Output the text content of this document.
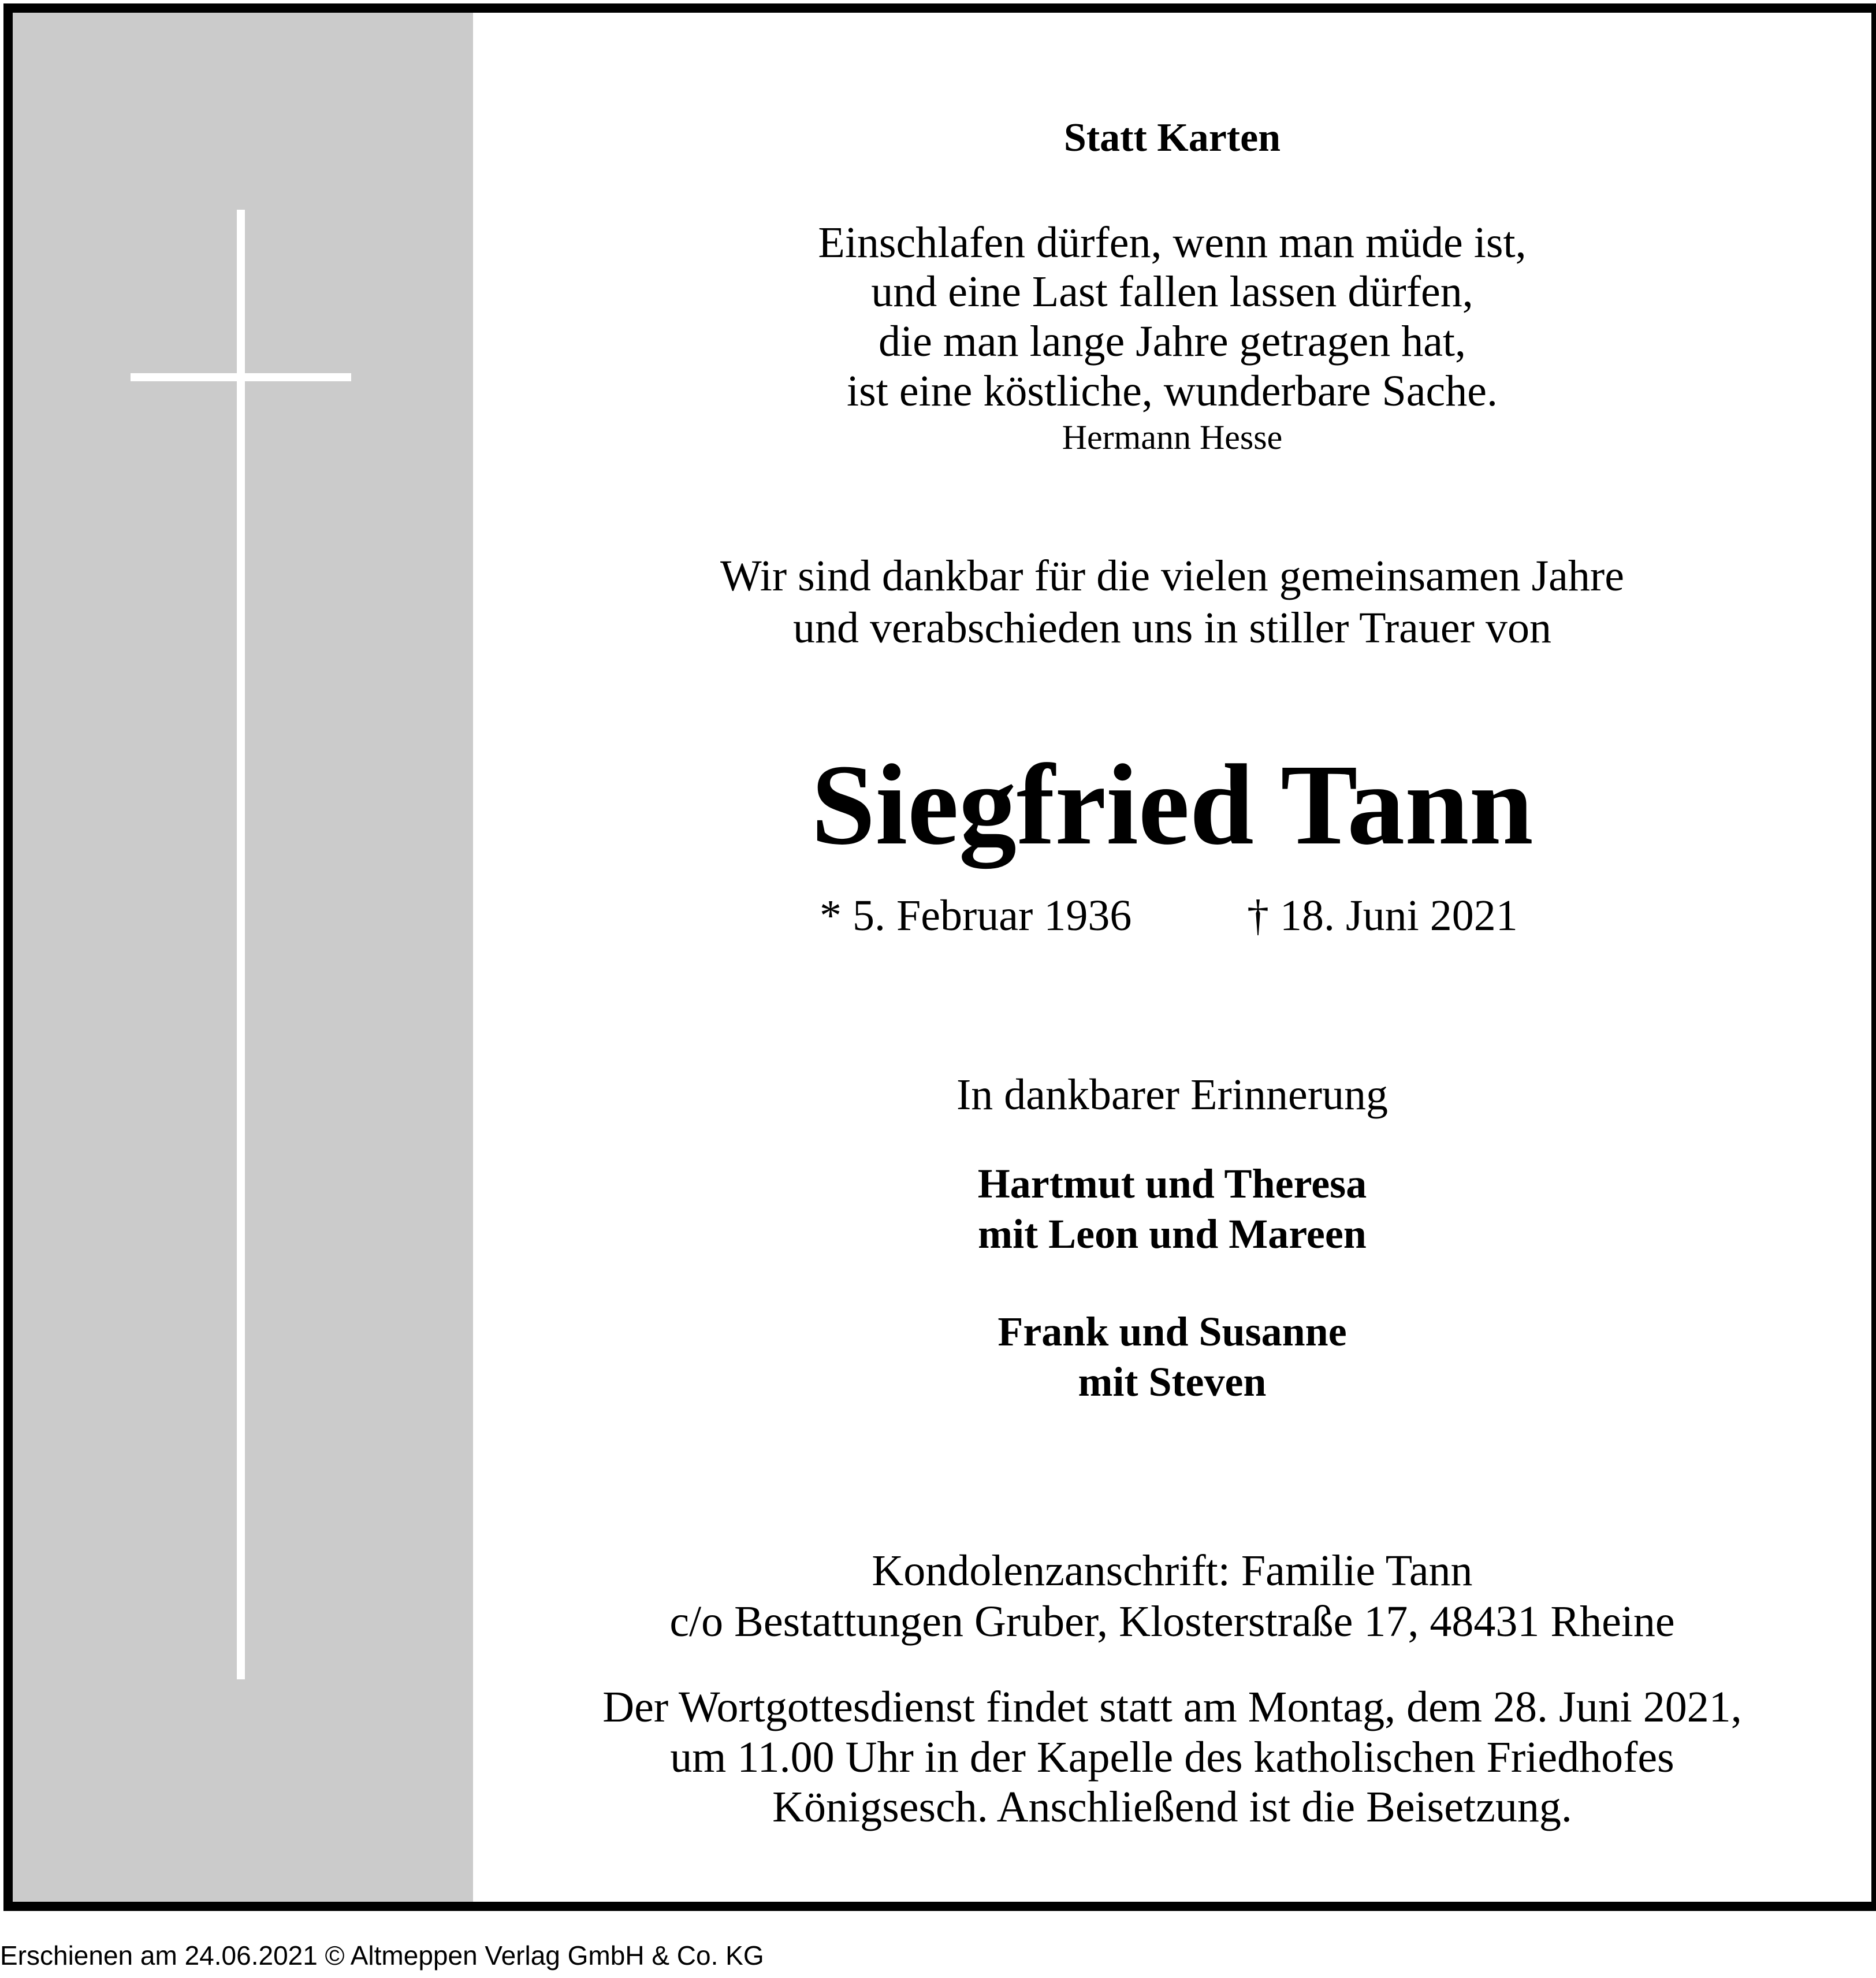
Statt Karten
Einschlafen dürfen, wenn man müde ist,
und eine Last fallen lassen dürfen,
die man lange Jahre getragen hat,
ist eine köstliche, wunderbare Sache.
Hermann Hesse
Wir sind dankbar für die vielen gemeinsamen Jahre
und verabschieden uns in stiller Trauer von
Siegfried Tann
* 5. Februar 1936	† 18. Juni 2021
In dankbarer Erinnerung
Hartmut und Theresa
mit Leon und Mareen
Frank und Susanne
mit Steven
Kondolenzanschrift: Familie Tann
c/o Bestattungen Gruber, Klosterstraße 17, 48431 Rheine
Der Wortgottesdienst findet statt am Montag, dem 28. Juni 2021,
um 11.00 Uhr in der Kapelle des katholischen Friedhofes
Königsesch. Anschließend ist die Beisetzung.
Erschienen am 24.06.2021 © Altmeppen Verlag GmbH & Co. KG
